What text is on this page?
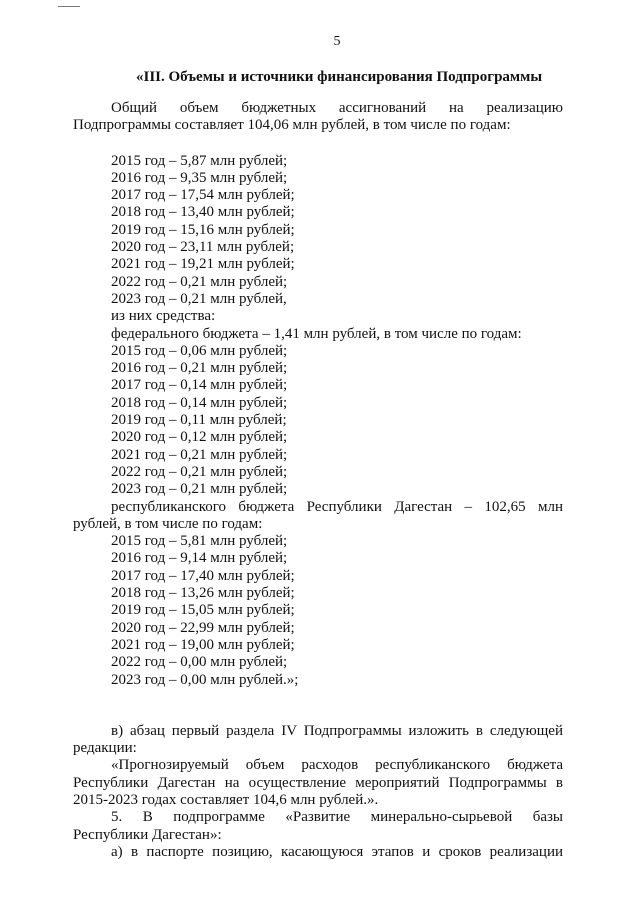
5
«III. Объемы и источники финансирования Подпрограммы
Общий объем бюджетных ассигнований на реализацию
Подпрограммы составляет 104,06 млн рублей, в том числе по годам:
2015 год – 5,87 млн рублей;
2016 год – 9,35 млн рублей;
2017 год – 17,54 млн рублей;
2018 год – 13,40 млн рублей;
2019 год – 15,16 млн рублей;
2020 год – 23,11 млн рублей;
2021 год – 19,21 млн рублей;
2022 год – 0,21 млн рублей;
2023 год – 0,21 млн рублей,
из них средства:
федерального бюджета – 1,41 млн рублей, в том числе по годам:
2015 год – 0,06 млн рублей;
2016 год – 0,21 млн рублей;
2017 год – 0,14 млн рублей;
2018 год – 0,14 млн рублей;
2019 год – 0,11 млн рублей;
2020 год – 0,12 млн рублей;
2021 год – 0,21 млн рублей;
2022 год – 0,21 млн рублей;
2023 год – 0,21 млн рублей;
республиканского бюджета Республики Дагестан – 102,65 млн
рублей, в том числе по годам:
2015 год – 5,81 млн рублей;
2016 год – 9,14 млн рублей;
2017 год – 17,40 млн рублей;
2018 год – 13,26 млн рублей;
2019 год – 15,05 млн рублей;
2020 год – 22,99 млн рублей;
2021 год – 19,00 млн рублей;
2022 год – 0,00 млн рублей;
2023 год – 0,00 млн рублей.»;
в) абзац первый раздела IV Подпрограммы изложить в следующей
редакции:
«Прогнозируемый объем расходов республиканского бюджета
Республики Дагестан на осуществление мероприятий Подпрограммы в
2015-2023 годах составляет 104,6 млн рублей.».
5. В подпрограмме «Развитие минерально-сырьевой базы
Республики Дагестан»:
а) в паспорте позицию, касающуюся этапов и сроков реализации
